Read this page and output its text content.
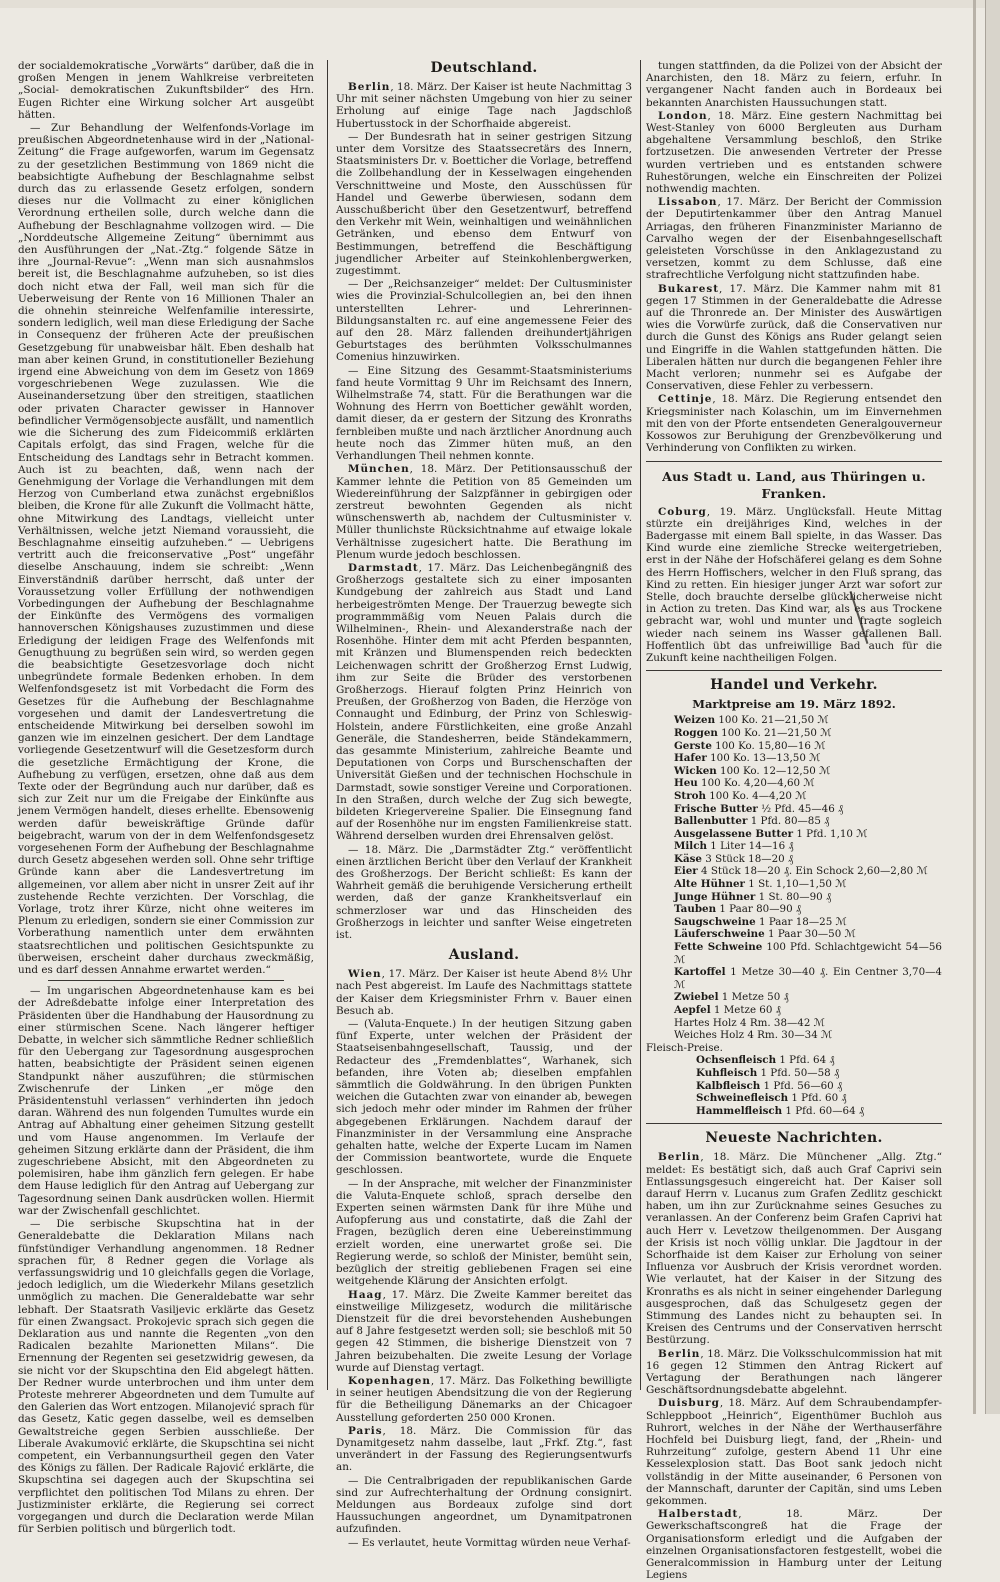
der socialdemokratische „Vorwärts“ darüber, daß die in großen Mengen in jenem Wahlkreise verbreiteten „Social- demokratischen Zukunftsbilder“ des Hrn. Eugen Richter eine Wirkung solcher Art ausgeübt hätten.

— Zur Behandlung der Welfenfonds-Vorlage im preußischen Abgeordnetenhause wird in der „National-Zeitung“ die Frage aufgeworfen, warum im Gegensatz zu der gesetzlichen Bestimmung von 1869 nicht die beabsichtigte Aufhebung der Beschlagnahme selbst durch das zu erlassende Gesetz erfolgen, sondern dieses nur die Vollmacht zu einer königlichen Verordnung ertheilen solle, durch welche dann die Aufhebung der Beschlagnahme vollzogen wird. — Die „Norddeutsche Allgemeine Zeitung“ übernimmt aus den Ausführungen der „Nat.-Ztg.“ folgende Sätze in ihre „Journal-Revue“: „Wenn man sich ausnahmslos bereit ist, die Beschlagnahme aufzuheben, so ist dies doch nicht etwa der Fall, weil man sich für die Ueberweisung der Rente von 16 Millionen Thaler an die ohnehin steinreiche Welfenfamilie interessirte, sondern lediglich, weil man diese Erledigung der Sache in Consequenz der früheren Acte der preußischen Gesetzgebung für unabweisbar hält. Eben deshalb hat man aber keinen Grund, in constitutioneller Beziehung irgend eine Abweichung von dem im Gesetz von 1869 vorgeschriebenen Wege zuzulassen. Wie die Auseinandersetzung über den streitigen, staatlichen oder privaten Character gewisser in Hannover befindlicher Vermögensobjecte ausfällt, und namentlich wie die Sicherung des zum Fideicommiß erklärten Capitals erfolgt, das sind Fragen, welche für die Entscheidung des Landtags sehr in Betracht kommen. Auch ist zu beachten, daß, wenn nach der Genehmigung der Vorlage die Verhandlungen mit dem Herzog von Cumberland etwa zunächst ergebnißlos bleiben, die Krone für alle Zukunft die Vollmacht hätte, ohne Mitwirkung des Landtags, vielleicht unter Verhältnissen, welche jetzt Niemand voraussieht, die Beschlagnahme einseitig aufzuheben.“ — Uebrigens vertritt auch die freiconservative „Post“ ungefähr dieselbe Anschauung, indem sie schreibt: „Wenn Einverständniß darüber herrscht, daß unter der Voraussetzung voller Erfüllung der nothwendigen Vorbedingungen der Aufhebung der Beschlagnahme der Einkünfte des Vermögens des vormaligen hannoverschen Königshauses zuzustimmen und diese Erledigung der leidigen Frage des Welfenfonds mit Genugthuung zu begrüßen sein wird, so werden gegen die beabsichtigte Gesetzesvorlage doch nicht unbegründete formale Bedenken erhoben. In dem Welfenfondsgesetz ist mit Vorbedacht die Form des Gesetzes für die Aufhebung der Beschlagnahme vorgesehen und damit der Landesvertretung die entscheidende Mitwirkung bei derselben sowohl im ganzen wie im einzelnen gesichert. Der dem Landtage vorliegende Gesetzentwurf will die Gesetzesform durch die gesetzliche Ermächtigung der Krone, die Aufhebung zu verfügen, ersetzen, ohne daß aus dem Texte oder der Begründung auch nur darüber, daß es sich zur Zeit nur um die Freigabe der Einkünfte aus jenem Vermögen handelt, dieses erhellte. Ebensowenig werden dafür beweiskräftige Gründe dafür beigebracht, warum von der in dem Welfenfondsgesetz vorgesehenen Form der Aufhebung der Beschlagnahme durch Gesetz abgesehen werden soll. Ohne sehr triftige Gründe kann aber die Landesvertretung im allgemeinen, vor allem aber nicht in unsrer Zeit auf ihr zustehende Rechte verzichten. Der Vorschlag, die Vorlage, trotz ihrer Kürze, nicht ohne weiteres im Plenum zu erledigen, sondern sie einer Commission zur Vorberathung namentlich unter dem erwähnten staatsrechtlichen und politischen Gesichtspunkte zu überweisen, erscheint daher durchaus zweckmäßig, und es darf dessen Annahme erwartet werden.“

— Im ungarischen Abgeordnetenhause kam es bei der Adreßdebatte infolge einer Interpretation des Präsidenten über die Handhabung der Hausordnung zu einer stürmischen Scene. Nach längerer heftiger Debatte, in welcher sich sämmtliche Redner schließlich für den Uebergang zur Tagesordnung ausgesprochen hatten, beabsichtigte der Präsident seinen eigenen Standpunkt näher auszuführen; die stürmischen Zwischenrufe der Linken „er möge den Präsidentenstuhl verlassen“ verhinderten ihn jedoch daran. Während des nun folgenden Tumultes wurde ein Antrag auf Abhaltung einer geheimen Sitzung gestellt und vom Hause angenommen. Im Verlaufe der geheimen Sitzung erklärte dann der Präsident, die ihm zugeschriebene Absicht, mit den Abgeordneten zu polemisiren, habe ihm gänzlich fern gelegen. Er habe dem Hause lediglich für den Antrag auf Uebergang zur Tagesordnung seinen Dank ausdrücken wollen. Hiermit war der Zwischenfall geschlichtet.

— Die serbische Skupschtina hat in der Generaldebatte die Deklaration Milans nach fünfstündiger Verhandlung angenommen. 18 Redner sprachen für, 8 Redner gegen die Vorlage als verfassungswidrig und 10 gleichfalls gegen die Vorlage, jedoch lediglich, um die Wiederkehr Milans gesetzlich unmöglich zu machen. Die Generaldebatte war sehr lebhaft. Der Staatsrath Vasiljevic erklärte das Gesetz für einen Zwangsact. Prokojevic sprach sich gegen die Deklaration aus und nannte die Regenten „von den Radicalen bezahlte Marionetten Milans“. Die Ernennung der Regenten sei gesetzwidrig gewesen, da sie nicht vor der Skupschtina den Eid abgelegt hätten. Der Redner wurde unterbrochen und ihm unter dem Proteste mehrerer Abgeordneten und dem Tumulte auf den Galerien das Wort entzogen. Milanojević sprach für das Gesetz, Katic gegen dasselbe, weil es demselben Gewaltstreiche gegen Serbien ausschließe. Der Liberale Avakumović erklärte, die Skupschtina sei nicht competent, ein Verbannungsurtheil gegen den Vater des Königs zu fällen. Der Radicale Rajović erklärte, die Skupschtina sei dagegen auch der Skupschtina sei verpflichtet den politischen Tod Milans zu ehren. Der Justizminister erklärte, die Regierung sei correct vorgegangen und durch die Declaration werde Milan für Serbien politisch und bürgerlich todt.

Deutschland.

Berlin, 18. März. Der Kaiser ist heute Nachmittag 3 Uhr mit seiner nächsten Umgebung von hier zu seiner Erholung auf einige Tage nach Jagdschloß Hubertusstock in der Schorfhaide abgereist.

— Der Bundesrath hat in seiner gestrigen Sitzung unter dem Vorsitze des Staatssecretärs des Innern, Staatsministers Dr. v. Boetticher die Vorlage, betreffend die Zollbehandlung der in Kesselwagen eingehenden Verschnittweine und Moste, den Ausschüssen für Handel und Gewerbe überwiesen, sodann dem Ausschußbericht über den Gesetzentwurf, betreffend den Verkehr mit Wein, weinhaltigen und weinähnlichen Getränken, und ebenso dem Entwurf von Bestimmungen, betreffend die Beschäftigung jugendlicher Arbeiter auf Steinkohlenbergwerken, zugestimmt.

— Der „Reichsanzeiger“ meldet: Der Cultusminister wies die Provinzial-Schulcollegien an, bei den ihnen unterstellten Lehrer- und Lehrerinnen-Bildungsanstalten rc. auf eine angemessene Feier des auf den 28. März fallenden dreihundertjährigen Geburtstages des berühmten Volksschulmannes Comenius hinzuwirken.

— Eine Sitzung des Gesammt-Staatsministeriums fand heute Vormittag 9 Uhr im Reichsamt des Innern, Wilhelmstraße 74, statt. Für die Berathungen war die Wohnung des Herrn von Boetticher gewählt worden, damit dieser, da er gestern der Sitzung des Kronraths fernbleiben mußte und nach ärztlicher Anordnung auch heute noch das Zimmer hüten muß, an den Verhandlungen Theil nehmen konnte.

München, 18. März. Der Petitionsausschuß der Kammer lehnte die Petition von 85 Gemeinden um Wiedereinführung der Salzpfänner in gebirgigen oder zerstreut bewohnten Gegenden als nicht wünschenswerth ab, nachdem der Cultusminister v. Müller thunlichste Rücksichtnahme auf etwaige lokale Verhältnisse zugesichert hatte. Die Berathung im Plenum wurde jedoch beschlossen.

Darmstadt, 17. März. Das Leichenbegängniß des Großherzogs gestaltete sich zu einer imposanten Kundgebung der zahlreich aus Stadt und Land herbeigeströmten Menge. Der Trauerzug bewegte sich programmmäßig vom Neuen Palais durch die Wilhelminen-, Rhein- und Alexanderstraße nach der Rosenhöhe. Hinter dem mit acht Pferden bespannten, mit Kränzen und Blumenspenden reich bedeckten Leichenwagen schritt der Großherzog Ernst Ludwig, ihm zur Seite die Brüder des verstorbenen Großherzogs. Hierauf folgten Prinz Heinrich von Preußen, der Großherzog von Baden, die Herzöge von Connaught und Edinburg, der Prinz von Schleswig-Holstein, andere Fürstlichkeiten, eine große Anzahl Generäle, die Standesherren, beide Ständekammern, das gesammte Ministerium, zahlreiche Beamte und Deputationen von Corps und Burschenschaften der Universität Gießen und der technischen Hochschule in Darmstadt, sowie sonstiger Vereine und Corporationen. In den Straßen, durch welche der Zug sich bewegte, bildeten Kriegervereine Spalier. Die Einsegnung fand auf der Rosenhöhe nur im engsten Familienkreise statt. Während derselben wurden drei Ehrensalven gelöst.

— 18. März. Die „Darmstädter Ztg.“ veröffentlicht einen ärztlichen Bericht über den Verlauf der Krankheit des Großherzogs. Der Bericht schließt: Es kann der Wahrheit gemäß die beruhigende Versicherung ertheilt werden, daß der ganze Krankheitsverlauf ein schmerzloser war und das Hinscheiden des Großherzogs in leichter und sanfter Weise eingetreten ist.

Ausland.

Wien, 17. März. Der Kaiser ist heute Abend 8½ Uhr nach Pest abgereist. Im Laufe des Nachmittags stattete der Kaiser dem Kriegsminister Frhrn v. Bauer einen Besuch ab.

— (Valuta-Enquete.) In der heutigen Sitzung gaben fünf Experte, unter welchen der Präsident der Staatseisenbahngesellschaft, Taussig, und der Redacteur des „Fremdenblattes“, Warhanek, sich befanden, ihre Voten ab; dieselben empfahlen sämmtlich die Goldwährung. In den übrigen Punkten weichen die Gutachten zwar von einander ab, bewegen sich jedoch mehr oder minder im Rahmen der früher abgegebenen Erklärungen. Nachdem darauf der Finanzminister in der Versammlung eine Ansprache gehalten hatte, welche der Experte Lucam im Namen der Commission beantwortete, wurde die Enquete geschlossen.

— In der Ansprache, mit welcher der Finanzminister die Valuta-Enquete schloß, sprach derselbe den Experten seinen wärmsten Dank für ihre Mühe und Aufopferung aus und constatirte, daß die Zahl der Fragen, bezüglich deren eine Uebereinstimmung erzielt worden, eine unerwartet große sei. Die Regierung werde, so schloß der Minister, bemüht sein, bezüglich der streitig gebliebenen Fragen sei eine weitgehende Klärung der Ansichten erfolgt.

Haag, 17. März. Die Zweite Kammer bereitet das einstweilige Milizgesetz, wodurch die militärische Dienstzeit für die drei bevorstehenden Aushebungen auf 8 Jahre festgesetzt werden soll; sie beschloß mit 50 gegen 42 Stimmen, die bisherige Dienstzeit von 7 Jahren beizubehalten. Die zweite Lesung der Vorlage wurde auf Dienstag vertagt.

Kopenhagen, 17. März. Das Folkething bewilligte in seiner heutigen Abendsitzung die von der Regierung für die Betheiligung Dänemarks an der Chicagoer Ausstellung geforderten 250 000 Kronen.

Paris, 18. März. Die Commission für das Dynamitgesetz nahm dasselbe, laut „Frkf. Ztg.“, fast unverändert in der Fassung des Regierungsentwurfs an.

— Die Centralbrigaden der republikanischen Garde sind zur Aufrechterhaltung der Ordnung consignirt. Meldungen aus Bordeaux zufolge sind dort Haussuchungen angeordnet, um Dynamitpatronen aufzufinden.

— Es verlautet, heute Vormittag würden neue Verhaf-

tungen stattfinden, da die Polizei von der Absicht der Anarchisten, den 18. März zu feiern, erfuhr. In vergangener Nacht fanden auch in Bordeaux bei bekannten Anarchisten Haussuchungen statt.

London, 18. März. Eine gestern Nachmittag bei West-Stanley von 6000 Bergleuten aus Durham abgehaltene Versammlung beschloß, den Strike fortzusetzen. Die anwesenden Vertreter der Presse wurden vertrieben und es entstanden schwere Ruhestörungen, welche ein Einschreiten der Polizei nothwendig machten.

Lissabon, 17. März. Der Bericht der Commission der Deputirtenkammer über den Antrag Manuel Arriagas, den früheren Finanzminister Marianno de Carvalho wegen der der Eisenbahngesellschaft geleisteten Vorschüsse in den Anklagezustand zu versetzen, kommt zu dem Schlusse, daß eine strafrechtliche Verfolgung nicht stattzufinden habe.

Bukarest, 17. März. Die Kammer nahm mit 81 gegen 17 Stimmen in der Generaldebatte die Adresse auf die Thronrede an. Der Minister des Auswärtigen wies die Vorwürfe zurück, daß die Conservativen nur durch die Gunst des Königs ans Ruder gelangt seien und Eingriffe in die Wahlen stattgefunden hätten. Die Liberalen hätten nur durch die begangenen Fehler ihre Macht verloren; nunmehr sei es Aufgabe der Conservativen, diese Fehler zu verbessern.

Cettinje, 18. März. Die Regierung entsendet den Kriegsminister nach Kolaschin, um im Einvernehmen mit den von der Pforte entsendeten Generalgouverneur Kossowos zur Beruhigung der Grenzbevölkerung und Verhinderung von Conflikten zu wirken.

Aus Stadt u. Land, aus Thüringen u. Franken.

Coburg, 19. März. Unglücksfall. Heute Mittag stürzte ein dreijähriges Kind, welches in der Badergasse mit einem Ball spielte, in das Wasser. Das Kind wurde eine ziemliche Strecke weitergetrieben, erst in der Nähe der Hofschäferei gelang es dem Sohne des Herrn Hoffischers, welcher in den Fluß sprang, das Kind zu retten. Ein hiesiger junger Arzt war sofort zur Stelle, doch brauchte derselbe glücklicherweise nicht in Action zu treten. Das Kind war, als es aus Trockene gebracht war, wohl und munter und fragte sogleich wieder nach seinem ins Wasser gefallenen Ball. Hoffentlich übt das unfreiwillige Bad auch für die Zukunft keine nachtheiligen Folgen.

Handel und Verkehr.
Marktpreise am 19. März 1892.
Weizen 100 Ko. 21—21,50 ℳ
Roggen 100 Ko. 21—21,50 ℳ
Gerste 100 Ko. 15,80—16 ℳ
Hafer 100 Ko. 13—13,50 ℳ
Wicken 100 Ko. 12—12,50 ℳ
Heu 100 Ko. 4,20—4,60 ℳ
Stroh 100 Ko. 4—4,20 ℳ
Frische Butter ½ Pfd. 45—46 ₰
Ballenbutter 1 Pfd. 80—85 ₰
Ausgelassene Butter 1 Pfd. 1,10 ℳ
Milch 1 Liter 14—16 ₰
Käse 3 Stück 18—20 ₰
Eier 4 Stück 18—20 ₰. Ein Schock 2,60—2,80 ℳ
Alte Hühner 1 St. 1,10—1,50 ℳ
Junge Hühner 1 St. 80—90 ₰
Tauben 1 Paar 80—90 ₰
Saugschweine 1 Paar 18—25 ℳ
Läuferschweine 1 Paar 30—50 ℳ
Fette Schweine 100 Pfd. Schlachtgewicht 54—56 ℳ
Kartoffel 1 Metze 30—40 ₰. Ein Centner 3,70—4 ℳ
Zwiebel 1 Metze 50 ₰
Aepfel 1 Metze 60 ₰
Hartes Holz 4 Rm. 38—42 ℳ
Weiches Holz 4 Rm. 30—34 ℳ
Fleisch-Preise.
Ochsenfleisch 1 Pfd. 64 ₰
Kuhfleisch 1 Pfd. 50—58 ₰
Kalbfleisch 1 Pfd. 56—60 ₰
Schweinefleisch 1 Pfd. 60 ₰
Hammelfleisch 1 Pfd. 60—64 ₰
Neueste Nachrichten.

Berlin, 18. März. Die Münchener „Allg. Ztg.“ meldet: Es bestätigt sich, daß auch Graf Caprivi sein Entlassungsgesuch eingereicht hat. Der Kaiser soll darauf Herrn v. Lucanus zum Grafen Zedlitz geschickt haben, um ihn zur Zurücknahme seines Gesuches zu veranlassen. An der Conferenz beim Grafen Caprivi hat auch Herr v. Levetzow theilgenommen. Der Ausgang der Krisis ist noch völlig unklar. Die Jagdtour in der Schorfhaide ist dem Kaiser zur Erholung von seiner Influenza vor Ausbruch der Krisis verordnet worden. Wie verlautet, hat der Kaiser in der Sitzung des Kronraths es als nicht in seiner eingehender Darlegung ausgesprochen, daß das Schulgesetz gegen der Stimmung des Landes nicht zu behaupten sei. In Kreisen des Centrums und der Conservativen herrscht Bestürzung.

Berlin, 18. März. Die Volksschulcommission hat mit 16 gegen 12 Stimmen den Antrag Rickert auf Vertagung der Berathungen nach längerer Geschäftsordnungsdebatte abgelehnt.

Duisburg, 18. März. Auf dem Schraubendampfer-Schleppboot „Heinrich“, Eigenthümer Buchloh aus Ruhrort, welches in der Nähe der Werthauserfähre Hochfeld bei Duisburg liegt, fand, der „Rhein- und Ruhrzeitung“ zufolge, gestern Abend 11 Uhr eine Kesselexplosion statt. Das Boot sank jedoch nicht vollständig in der Mitte auseinander, 6 Personen von der Mannschaft, darunter der Capitän, sind ums Leben gekommen.

Halberstadt, 18. März. Der Gewerkschaftscongreß hat die Frage der Organisationsform erledigt und die Aufgaben der einzelnen Organisationsfactoren festgestellt, wobei die Generalcommission in Hamburg unter der Leitung Legiens
